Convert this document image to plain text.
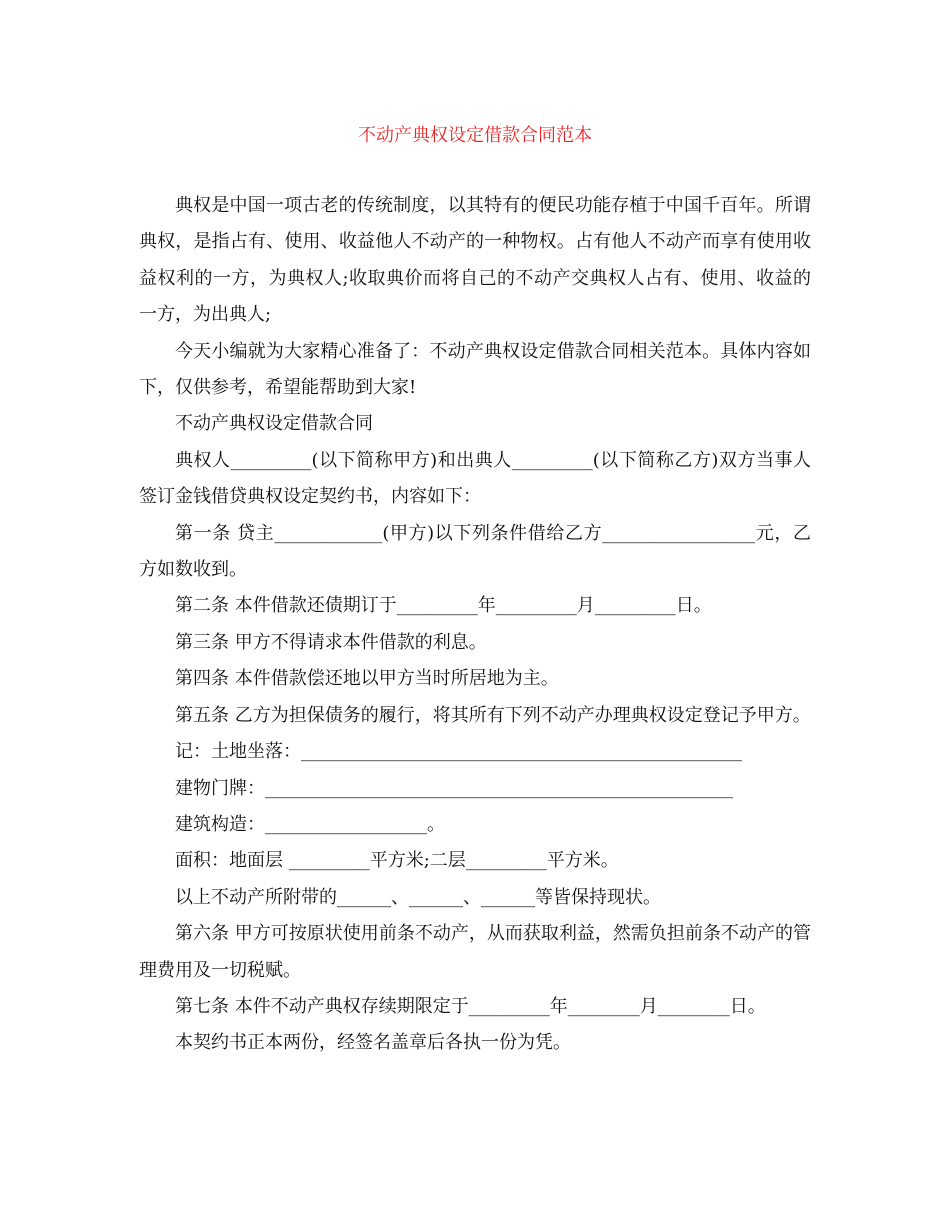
不动产典权设定借款合同范本

典权是中国一项古老的传统制度，以其特有的便民功能存植于中国千百年。所谓典权，是指占有、使用、收益他人不动产的一种物权。占有他人不动产而享有使用收益权利的一方，为典权人;收取典价而将自己的不动产交典权人占有、使用、收益的一方，为出典人;

今天小编就为大家精心准备了：不动产典权设定借款合同相关范本。具体内容如下，仅供参考，希望能帮助到大家!

不动产典权设定借款合同

典权人_________(以下简称甲方)和出典人_________(以下简称乙方)双方当事人签订金钱借贷典权设定契约书，内容如下：

第一条 贷主____________(甲方)以下列条件借给乙方_________________元，乙方如数收到。

第二条 本件借款还债期订于_________年_________月_________日。

第三条 甲方不得请求本件借款的利息。

第四条 本件借款偿还地以甲方当时所居地为主。

第五条 乙方为担保债务的履行，将其所有下列不动产办理典权设定登记予甲方。

记：土地坐落：_________________________________________________

建物门牌：____________________________________________________

建筑构造：__________________。

面积：地面层 _________平方米;二层_________平方米。

以上不动产所附带的______、______、______等皆保持现状。

第六条 甲方可按原状使用前条不动产，从而获取利益，然需负担前条不动产的管理费用及一切税赋。

第七条 本件不动产典权存续期限定于_________年________月________日。

本契约书正本两份，经签名盖章后各执一份为凭。
